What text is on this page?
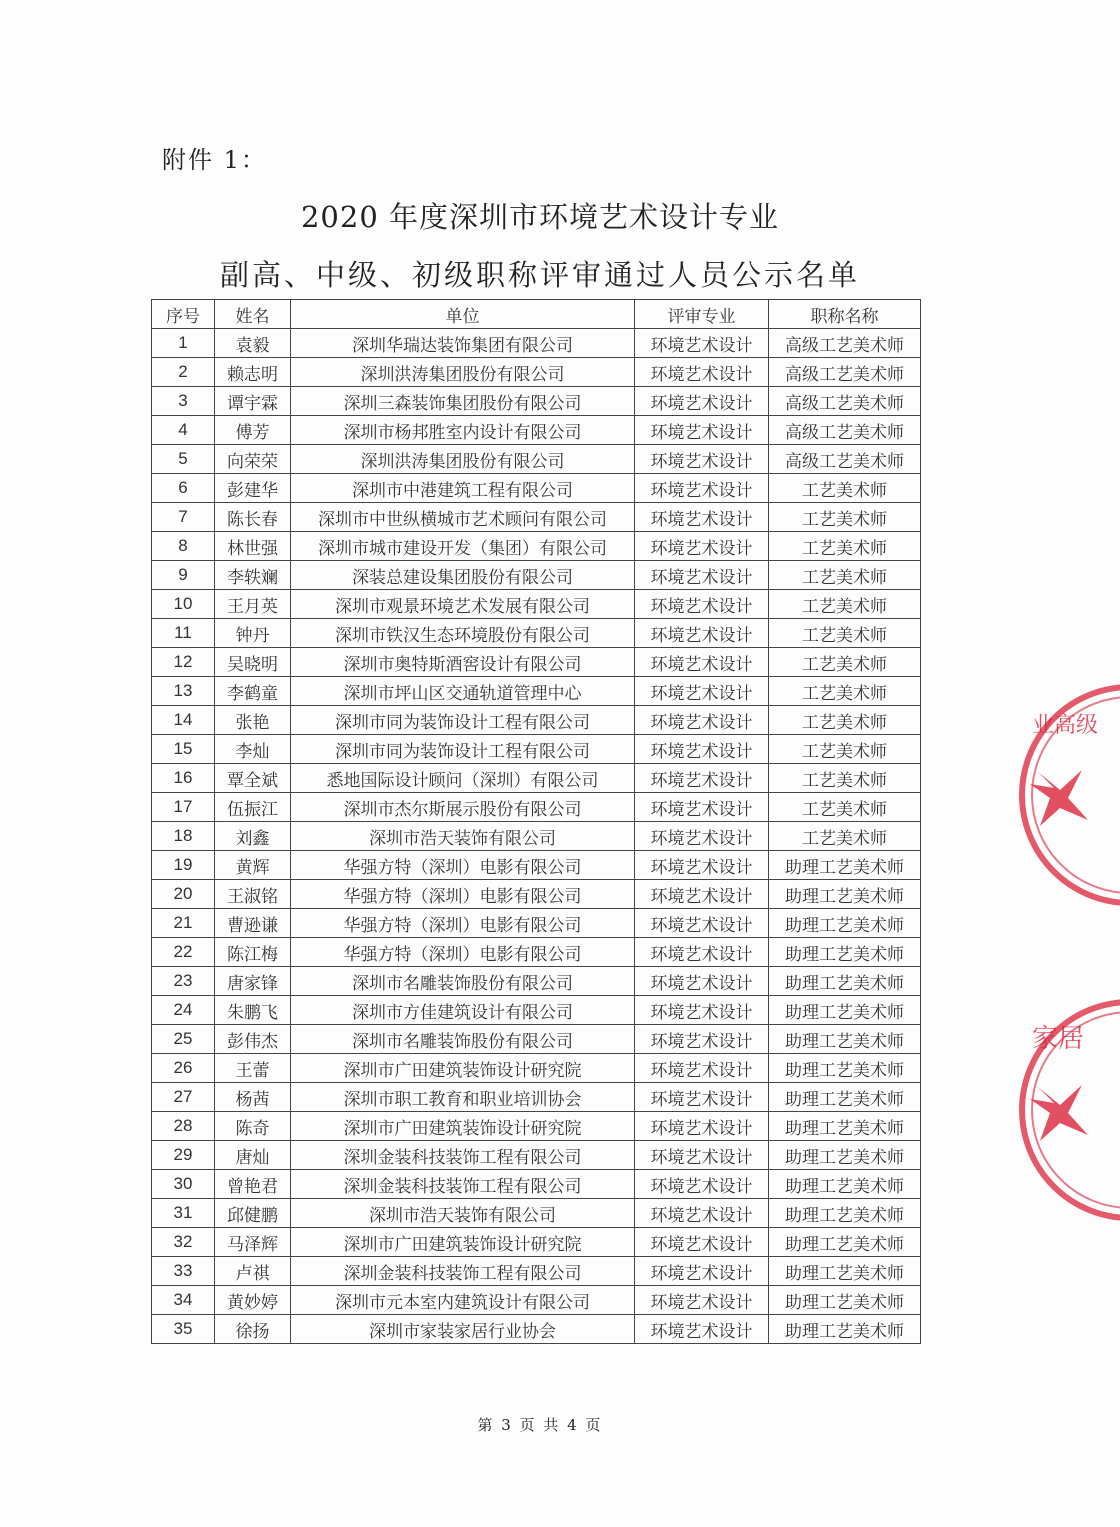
附件 1：
2020 年度深圳市环境艺术设计专业
副高、中级、初级职称评审通过人员公示名单
序号	姓名	单位	评审专业	职称名称
1	袁毅	深圳华瑞达装饰集团有限公司	环境艺术设计	高级工艺美术师
2	赖志明	深圳洪涛集团股份有限公司	环境艺术设计	高级工艺美术师
3	谭宇霖	深圳三森装饰集团股份有限公司	环境艺术设计	高级工艺美术师
4	傅芳	深圳市杨邦胜室内设计有限公司	环境艺术设计	高级工艺美术师
5	向荣荣	深圳洪涛集团股份有限公司	环境艺术设计	高级工艺美术师
6	彭建华	深圳市中港建筑工程有限公司	环境艺术设计	工艺美术师
7	陈长春	深圳市中世纵横城市艺术顾问有限公司	环境艺术设计	工艺美术师
8	林世强	深圳市城市建设开发（集团）有限公司	环境艺术设计	工艺美术师
9	李轶斓	深装总建设集团股份有限公司	环境艺术设计	工艺美术师
10	王月英	深圳市观景环境艺术发展有限公司	环境艺术设计	工艺美术师
11	钟丹	深圳市铁汉生态环境股份有限公司	环境艺术设计	工艺美术师
12	吴晓明	深圳市奥特斯酒窖设计有限公司	环境艺术设计	工艺美术师
13	李鹤童	深圳市坪山区交通轨道管理中心	环境艺术设计	工艺美术师
14	张艳	深圳市同为装饰设计工程有限公司	环境艺术设计	工艺美术师
15	李灿	深圳市同为装饰设计工程有限公司	环境艺术设计	工艺美术师
16	覃全斌	悉地国际设计顾问（深圳）有限公司	环境艺术设计	工艺美术师
17	伍振江	深圳市杰尔斯展示股份有限公司	环境艺术设计	工艺美术师
18	刘鑫	深圳市浩天装饰有限公司	环境艺术设计	工艺美术师
19	黄辉	华强方特（深圳）电影有限公司	环境艺术设计	助理工艺美术师
20	王淑铭	华强方特（深圳）电影有限公司	环境艺术设计	助理工艺美术师
21	曹逊谦	华强方特（深圳）电影有限公司	环境艺术设计	助理工艺美术师
22	陈江梅	华强方特（深圳）电影有限公司	环境艺术设计	助理工艺美术师
23	唐家锋	深圳市名雕装饰股份有限公司	环境艺术设计	助理工艺美术师
24	朱鹏飞	深圳市方佳建筑设计有限公司	环境艺术设计	助理工艺美术师
25	彭伟杰	深圳市名雕装饰股份有限公司	环境艺术设计	助理工艺美术师
26	王蕾	深圳市广田建筑装饰设计研究院	环境艺术设计	助理工艺美术师
27	杨茜	深圳市职工教育和职业培训协会	环境艺术设计	助理工艺美术师
28	陈奇	深圳市广田建筑装饰设计研究院	环境艺术设计	助理工艺美术师
29	唐灿	深圳金装科技装饰工程有限公司	环境艺术设计	助理工艺美术师
30	曾艳君	深圳金装科技装饰工程有限公司	环境艺术设计	助理工艺美术师
31	邱健鹏	深圳市浩天装饰有限公司	环境艺术设计	助理工艺美术师
32	马泽辉	深圳市广田建筑装饰设计研究院	环境艺术设计	助理工艺美术师
33	卢祺	深圳金装科技装饰工程有限公司	环境艺术设计	助理工艺美术师
34	黄妙婷	深圳市元本室内建筑设计有限公司	环境艺术设计	助理工艺美术师
35	徐扬	深圳市家装家居行业协会	环境艺术设计	助理工艺美术师
第 3 页 共 4 页
业高级
家居
